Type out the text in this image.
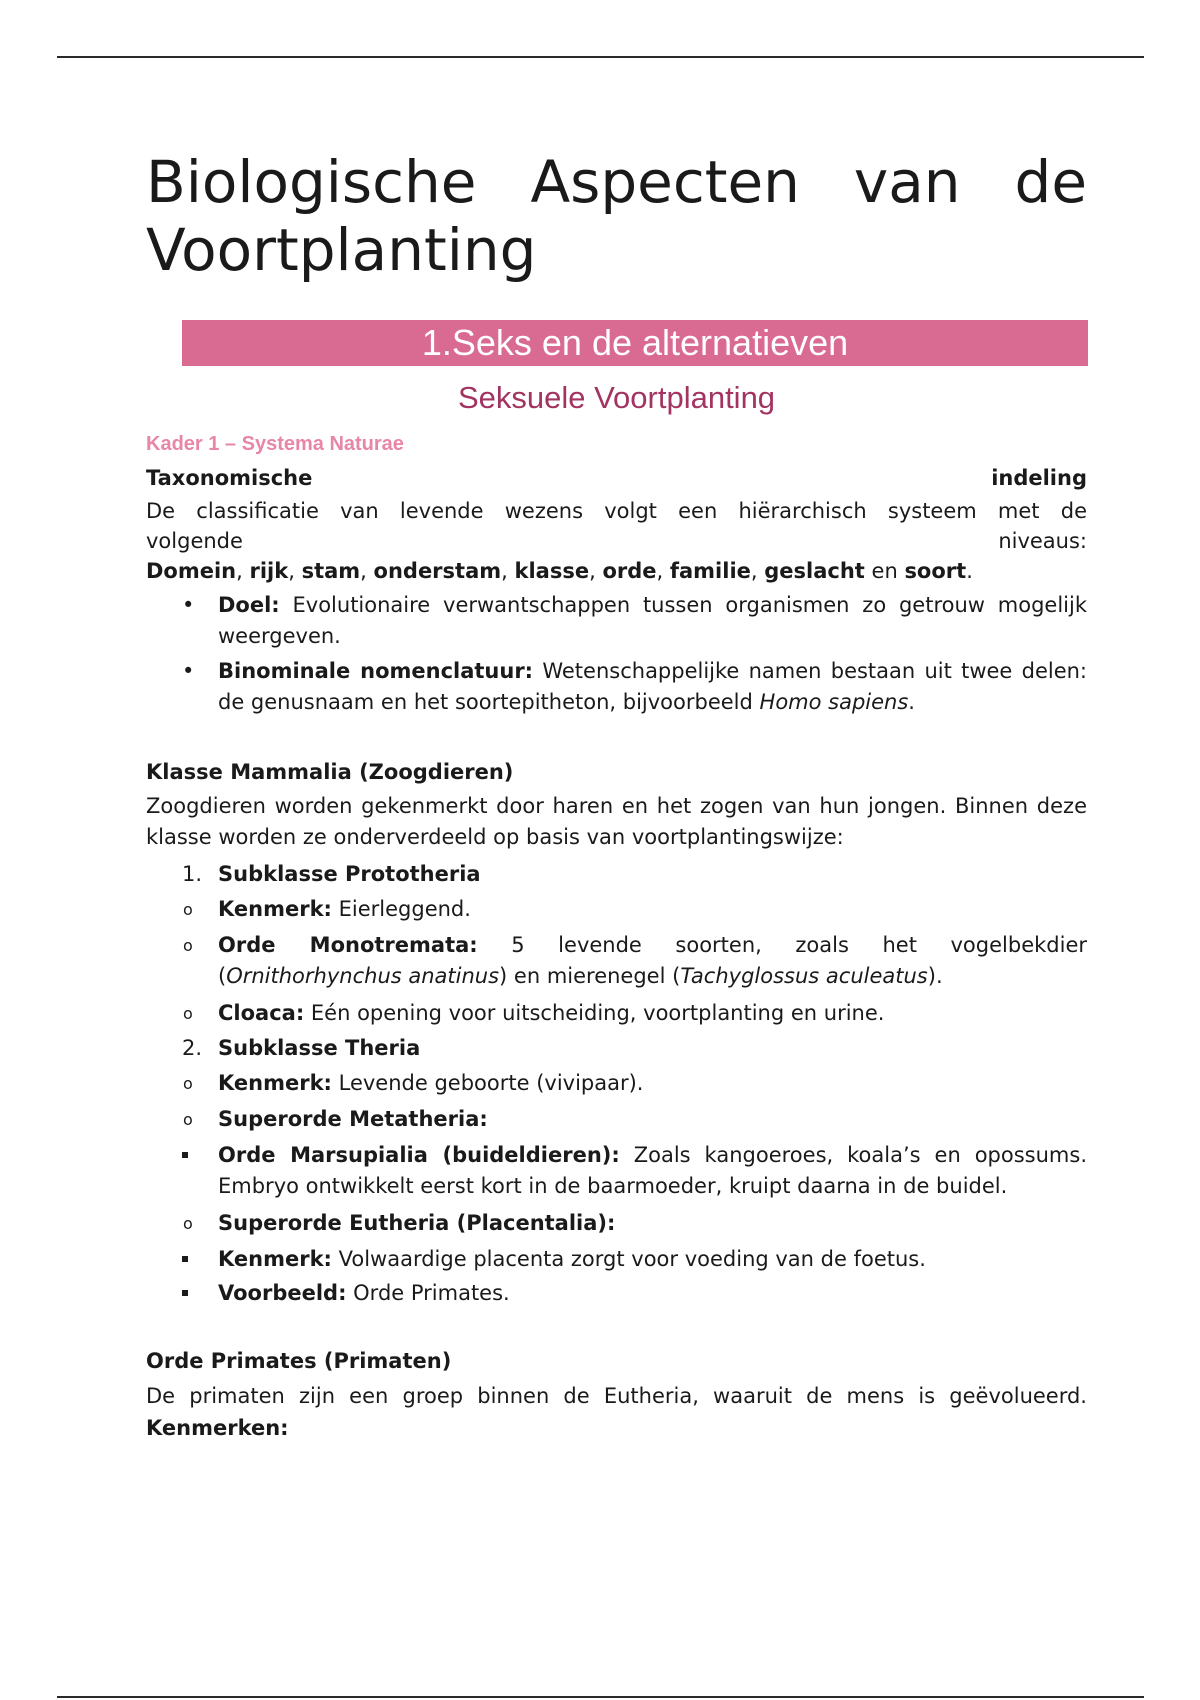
Biologische Aspecten van de
Voortplanting
1.Seks en de alternatieven
Seksuele Voortplanting
Kader 1 – Systema Naturae
Taxonomische	indeling
De classificatie van levende wezens volgt een hiërarchisch systeem met de
volgende	niveaus:
Domein, rijk, stam, onderstam, klasse, orde, familie, geslacht en soort.
•	Doel: Evolutionaire verwantschappen tussen organismen zo getrouw mogelijk weergeven.
•	Binominale nomenclatuur: Wetenschappelijke namen bestaan uit twee delen: de genusnaam en het soortepitheton, bijvoorbeeld Homo sapiens.
Klasse Mammalia (Zoogdieren)
Zoogdieren worden gekenmerkt door haren en het zogen van hun jongen. Binnen deze klasse worden ze onderverdeeld op basis van voortplantingswijze:
1. Subklasse Prototheria
o	Kenmerk: Eierleggend.
o	Orde Monotremata: 5 levende soorten, zoals het vogelbekdier (Ornithorhynchus anatinus) en mierenegel (Tachyglossus aculeatus).
o	Cloaca: Eén opening voor uitscheiding, voortplanting en urine.
2. Subklasse Theria
o	Kenmerk: Levende geboorte (vivipaar).
o	Superorde Metatheria:
Orde Marsupialia (buideldieren): Zoals kangoeroes, koala’s en opossums. Embryo ontwikkelt eerst kort in de baarmoeder, kruipt daarna in de buidel.
o	Superorde Eutheria (Placentalia):
Kenmerk: Volwaardige placenta zorgt voor voeding van de foetus.
Voorbeeld: Orde Primates.
Orde Primates (Primaten)
De primaten zijn een groep binnen de Eutheria, waaruit de mens is geëvolueerd.
Kenmerken:
